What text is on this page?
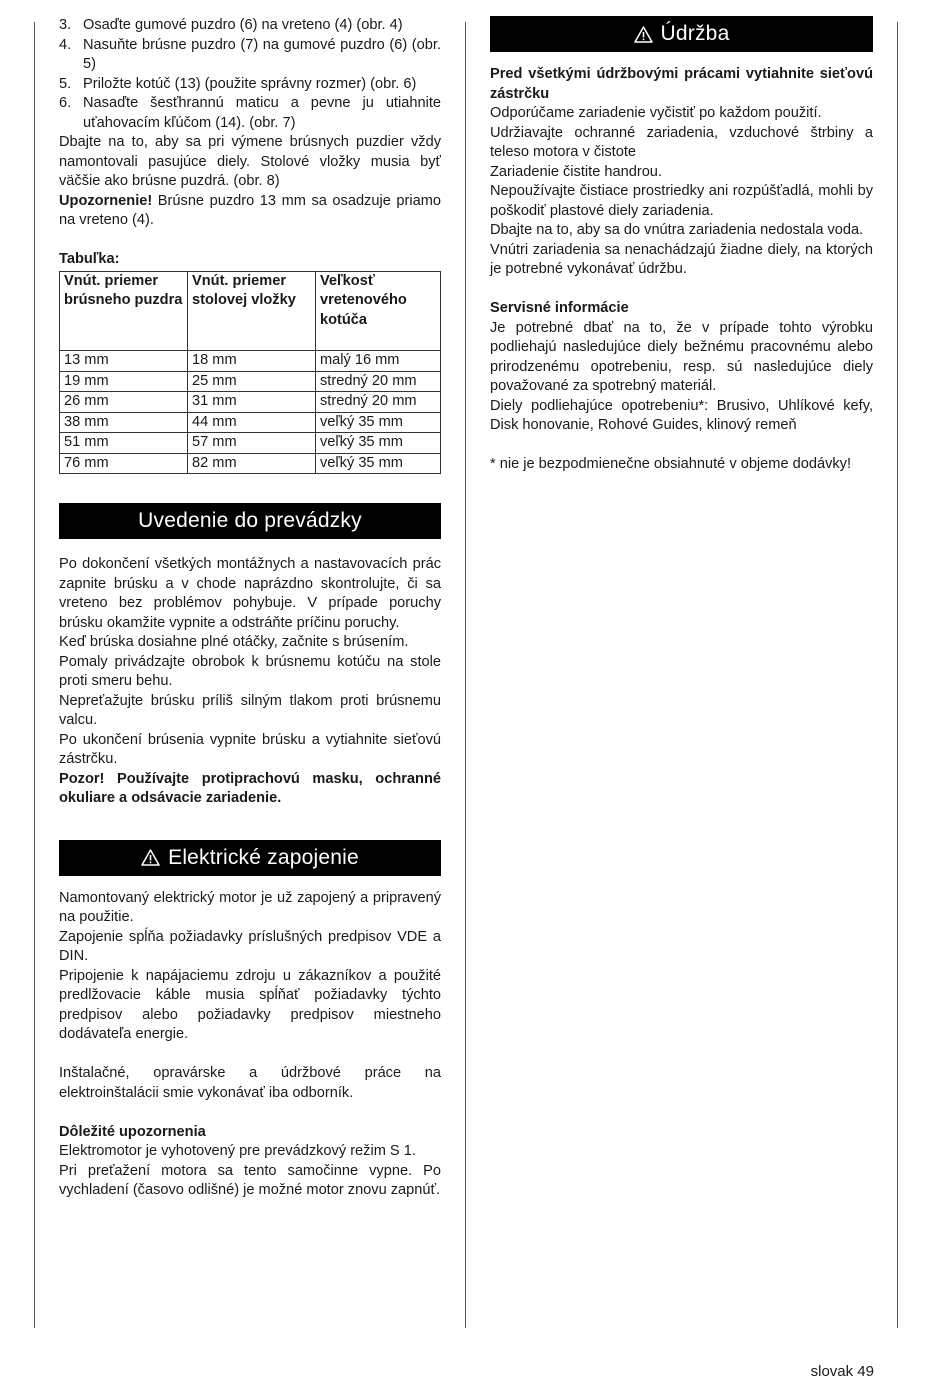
3. Osaďte gumové puzdro (6) na vreteno (4) (obr. 4)
4. Nasuňte brúsne puzdro (7) na gumové puzdro (6) (obr. 5)
5. Priložte kotúč (13) (použite správny rozmer) (obr. 6)
6. Nasaďte šesťhrannú maticu a pevne ju utiahnite uťahovacím kľúčom (14). (obr. 7)

Dbajte na to, aby sa pri výmene brúsnych puzdier vždy namontovali pasujúce diely. Stolové vložky musia byť väčšie ako brúsne puzdrá. (obr. 8)

Upozornenie! Brúsne puzdro 13 mm sa osadzuje priamo na vreteno (4).

Tabuľka:

Vnút. priemer brúsneho puzdra	Vnút. priemer stolovej vložky	Veľkosť vretenového kotúča
13 mm	18 mm	malý 16 mm
19 mm	25 mm	stredný 20 mm
26 mm	31 mm	stredný 20 mm
38 mm	44 mm	veľký 35 mm
51 mm	57 mm	veľký 35 mm
76 mm	82 mm	veľký 35 mm
Uvedenie do prevádzky

Po dokončení všetkých montážnych a nastavovacích prác zapnite brúsku a v chode naprázdno skontrolujte, či sa vreteno bez problémov pohybuje. V prípade poruchy brúsku okamžite vypnite a odstráňte príčinu poruchy.

Keď brúska dosiahne plné otáčky, začnite s brúsením.

Pomaly privádzajte obrobok k brúsnemu kotúču na stole proti smeru behu.

Nepreťažujte brúsku príliš silným tlakom proti brúsnemu valcu.

Po ukončení brúsenia vypnite brúsku a vytiahnite sieťovú zástrčku.

Pozor! Používajte protiprachovú masku, ochranné okuliare a odsávacie zariadenie.

Elektrické zapojenie

Namontovaný elektrický motor je už zapojený a pripravený na použitie.

Zapojenie spĺňa požiadavky príslušných predpisov VDE a DIN.

Pripojenie k napájaciemu zdroju u zákazníkov a použité predlžovacie káble musia spĺňať požiadavky týchto predpisov alebo požiadavky predpisov miestneho dodávateľa energie.

Inštalačné, opravárske a údržbové práce na elektroinštalácii smie vykonávať iba odborník.

Dôležité upozornenia

Elektromotor je vyhotovený pre prevádzkový režim S 1.

Pri preťažení motora sa tento samočinne vypne. Po vychladení (časovo odlišné) je možné motor znovu zapnúť.

Údržba

Pred všetkými údržbovými prácami vytiahnite sieťovú zástrčku

Odporúčame zariadenie vyčistiť po každom použití.

Udržiavajte ochranné zariadenia, vzduchové štrbiny a teleso motora v čistote

Zariadenie čistite handrou.

Nepoužívajte čistiace prostriedky ani rozpúšťadlá, mohli by poškodiť plastové diely zariadenia.

Dbajte na to, aby sa do vnútra zariadenia nedostala voda.

Vnútri zariadenia sa nenachádzajú žiadne diely, na ktorých je potrebné vykonávať údržbu.

Servisné informácie

Je potrebné dbať na to, že v prípade tohto výrobku podliehajú nasledujúce diely bežnému pracovnému alebo prirodzenému opotrebeniu, resp. sú nasledujúce diely považované za spotrebný materiál.

Diely podliehajúce opotrebeniu*: Brusivo, Uhlíkové kefy, Disk honovanie, Rohové Guides, klinový remeň

* nie je bezpodmienečne obsiahnuté v objeme dodávky!

slovak 49
